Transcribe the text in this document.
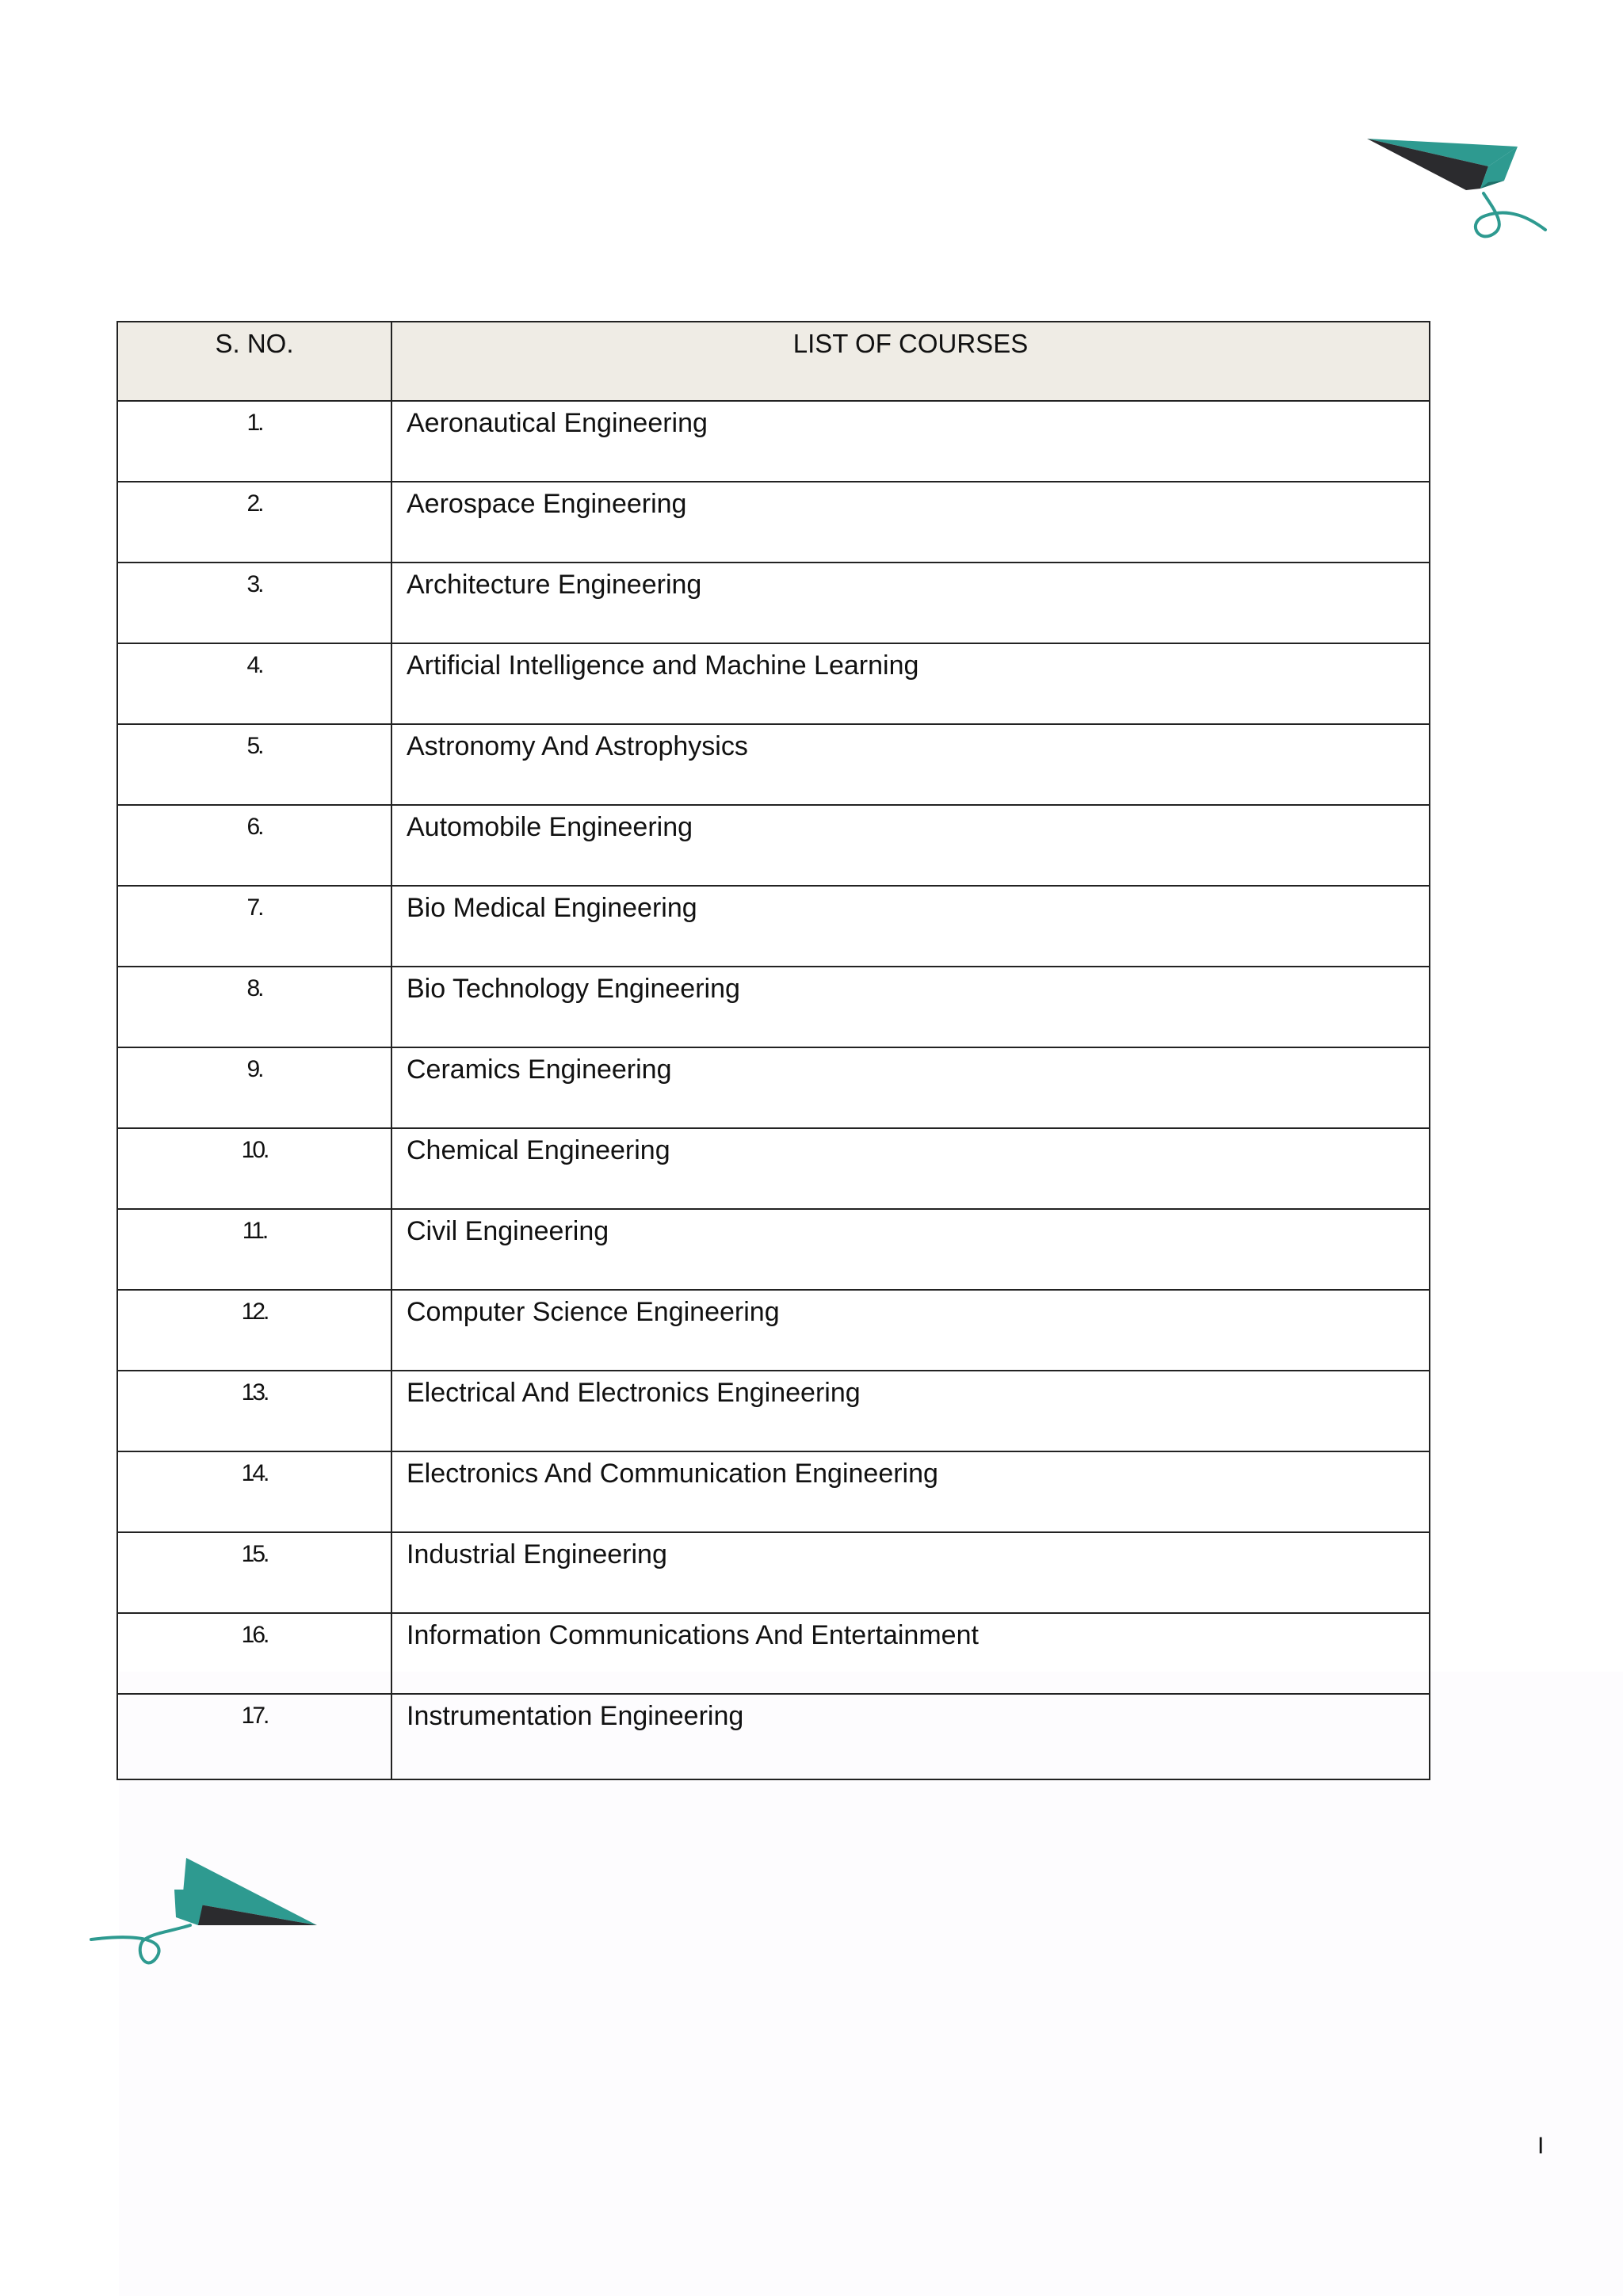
S. NO.	LIST OF COURSES
1.	Aeronautical Engineering
2.	Aerospace Engineering
3.	Architecture Engineering
4.	Artificial Intelligence and Machine Learning
5.	Astronomy And Astrophysics
6.	Automobile Engineering
7.	Bio Medical Engineering
8.	Bio Technology Engineering
9.	Ceramics Engineering
10.	Chemical Engineering
11.	Civil Engineering
12.	Computer Science Engineering
13.	Electrical And Electronics Engineering
14.	Electronics And Communication Engineering
15.	Industrial Engineering
16.	Information Communications And Entertainment
17.	Instrumentation Engineering
I
